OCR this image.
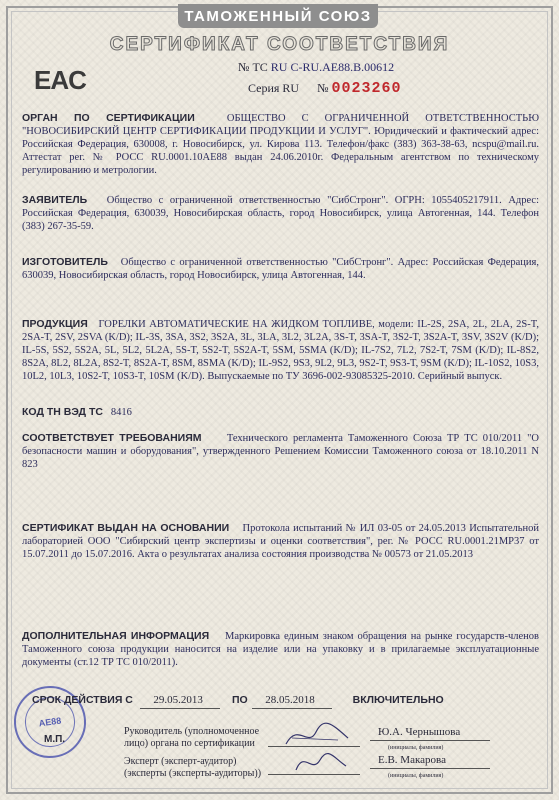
ТАМОЖЕННЫЙ СОЮЗ
СЕРТИФИКАТ СООТВЕТСТВИЯ
EAC	№ ТС RU C-RU.AE88.B.00612
Серия RU № 0023260
ОРГАН ПО СЕРТИФИКАЦИИ	ОБЩЕСТВО С ОГРАНИЧЕННОЙ ОТВЕТСТВЕННОСТЬЮ "НОВОСИБИРСКИЙ ЦЕНТР СЕРТИФИКАЦИИ ПРОДУКЦИИ И УСЛУГ". Юридический и фактический адрес: Российская Федерация, 630008, г. Новосибирск, ул. Кирова 113. Телефон/факс (383) 363-38-63, ncspu@mail.ru. Аттестат рег. № РОСС RU.0001.10AE88 выдан 24.06.2010г. Федеральным агентством по техническому регулированию и метрологии.
ЗАЯВИТЕЛЬ Общество с ограниченной ответственностью "СибСтронг". ОГРН: 1055405217911. Адрес: Российская Федерация, 630039, Новосибирская область, город Новосибирск, улица Автогенная, 144. Телефон (383) 267-35-59.
ИЗГОТОВИТЕЛЬ Общество с ограниченной ответственностью "СибСтронг". Адрес: Российская Федерация, 630039, Новосибирская область, город Новосибирск, улица Автогенная, 144.
ПРОДУКЦИЯ ГОРЕЛКИ АВТОМАТИЧЕСКИЕ НА ЖИДКОМ ТОПЛИВЕ, модели: IL-2S, 2SA, 2L, 2LA, 2S-T, 2SA-T, 2SV, 2SVA (K/D); IL-3S, 3SA, 3S2, 3S2A, 3L, 3LA, 3L2, 3L2A, 3S-T, 3SA-T, 3S2-T, 3S2A-T, 3SV, 3S2V (K/D); IL-5S, 5S2, 5S2A, 5L, 5L2, 5L2A, 5S-T, 5S2-T, 5S2A-T, 5SM, 5SMA (K/D); IL-7S2, 7L2, 7S2-T, 7SM (K/D); IL-8S2, 8S2A, 8L2, 8L2A, 8S2-T, 8S2A-T, 8SM, 8SMA (K/D); IL-9S2, 9S3, 9L2, 9L3, 9S2-T, 9S3-T, 9SM (K/D); IL-10S2, 10S3, 10L2, 10L3, 10S2-T, 10S3-T, 10SM (K/D). Выпускаемые по ТУ 3696-002-93085325-2010. Серийный выпуск.
КОД ТН ВЭД ТС 8416
СООТВЕТСТВУЕТ ТРЕБОВАНИЯМ Технического регламента Таможенного Союза ТР ТС 010/2011 "О безопасности машин и оборудования", утвержденного Решением Комиссии Таможенного союза от 18.10.2011 N 823
СЕРТИФИКАТ ВЫДАН НА ОСНОВАНИИ Протокола испытаний № ИЛ 03-05 от 24.05.2013 Испытательной лабораторией ООО "Сибирский центр экспертизы и оценки соответствия", рег. № РОСС RU.0001.21МР37 от 15.07.2011 до 15.07.2016. Акта о результатах анализа состояния производства № 00573 от 21.05.2013
ДОПОЛНИТЕЛЬНАЯ ИНФОРМАЦИЯ Маркировка единым знаком обращения на рынке государств-членов Таможенного союза продукции наносится на изделие или на упаковку и в прилагаемые эксплуатационные документы (ст.12 ТР ТС 010/2011).
АЕ88
СРОК ДЕЙСТВИЯ С 29.05.2013	ПО 28.05.2018	ВКЛЮЧИТЕЛЬНО
Руководитель (уполномоченное
лицо) органа по сертификации
Ю.А. Чернышова
(инициалы, фамилия)
М.П.
Эксперт (эксперт-аудитор)
(эксперты (эксперты-аудиторы))
Е.В. Макарова
(инициалы, фамилия)
